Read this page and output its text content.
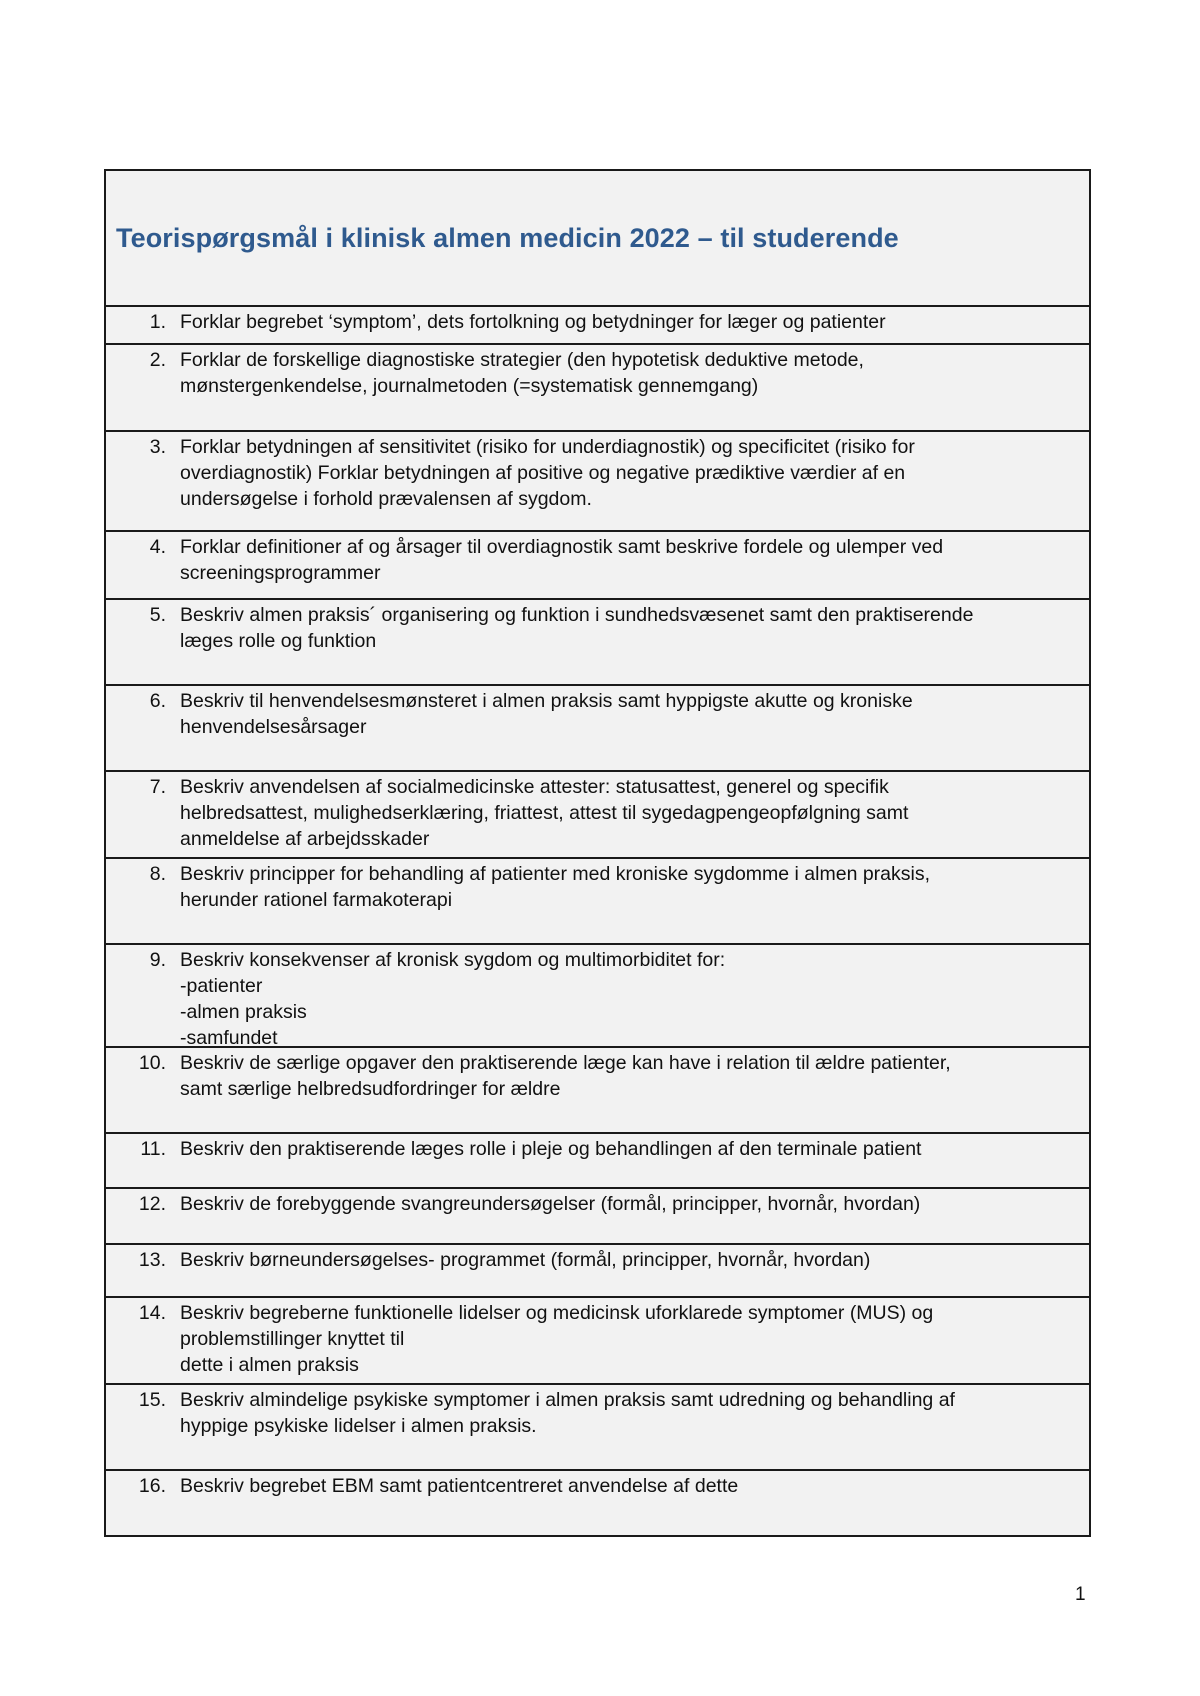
Teorispørgsmål i klinisk almen medicin 2022 – til studerende
1. Forklar begrebet ‘symptom’, dets fortolkning og betydninger for læger og patienter
2. Forklar de forskellige diagnostiske strategier (den hypotetisk deduktive metode,
mønstergenkendelse, journalmetoden (=systematisk gennemgang)
3. Forklar betydningen af sensitivitet (risiko for underdiagnostik) og specificitet (risiko for
overdiagnostik) Forklar betydningen af positive og negative prædiktive værdier af en
undersøgelse i forhold prævalensen af sygdom.
4. Forklar definitioner af og årsager til overdiagnostik samt beskrive fordele og ulemper ved
screeningsprogrammer
5. Beskriv almen praksis´ organisering og funktion i sundhedsvæsenet samt den praktiserende
læges rolle og funktion
6. Beskriv til henvendelsesmønsteret i almen praksis samt hyppigste akutte og kroniske
henvendelsesårsager
7. Beskriv anvendelsen af socialmedicinske attester: statusattest, generel og specifik
helbredsattest, mulighedserklæring, friattest, attest til sygedagpengeopfølgning samt
anmeldelse af arbejdsskader
8. Beskriv principper for behandling af patienter med kroniske sygdomme i almen praksis,
herunder rationel farmakoterapi
9. Beskriv konsekvenser af kronisk sygdom og multimorbiditet for:
-patienter
-almen praksis
-samfundet
10. Beskriv de særlige opgaver den praktiserende læge kan have i relation til ældre patienter,
samt særlige helbredsudfordringer for ældre
11. Beskriv den praktiserende læges rolle i pleje og behandlingen af den terminale patient
12. Beskriv de forebyggende svangreundersøgelser (formål, principper, hvornår, hvordan)
13. Beskriv børneundersøgelses- programmet (formål, principper, hvornår, hvordan)
14. Beskriv begreberne funktionelle lidelser og medicinsk uforklarede symptomer (MUS) og
problemstillinger knyttet til
dette i almen praksis
15. Beskriv almindelige psykiske symptomer i almen praksis samt udredning og behandling af
hyppige psykiske lidelser i almen praksis.
16. Beskriv begrebet EBM samt patientcentreret anvendelse af dette
1
